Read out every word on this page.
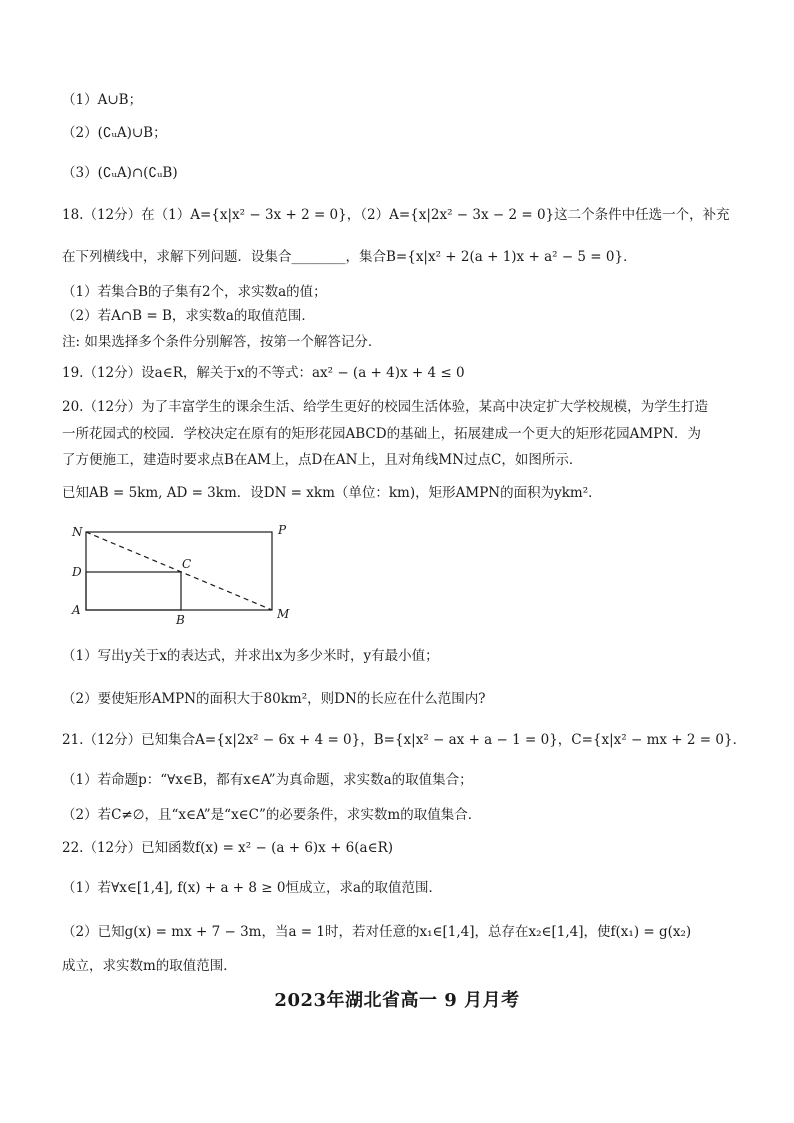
（1）A∪B；
（2）(∁ᵤA)∪B；
（3）(∁ᵤA)∩(∁ᵤB)
18.（12分）在（1）A={x|x² − 3x + 2 = 0}，（2）A={x|2x² − 3x − 2 = 0}这二个条件中任选一个，补充
在下列横线中，求解下列问题．设集合________，集合B={x|x² + 2(a + 1)x + a² − 5 = 0}．
（1）若集合B的子集有2个，求实数a的值；
（2）若A∩B = B，求实数a的取值范围．
注: 如果选择多个条件分别解答，按第一个解答记分．
19.（12分）设a∈R，解关于x的不等式：ax² − (a + 4)x + 4 ≤ 0
20.（12分）为了丰富学生的课余生活、给学生更好的校园生活体验，某高中决定扩大学校规模，为学生打造
一所花园式的校园．学校决定在原有的矩形花园ABCD的基础上，拓展建成一个更大的矩形花园AMPN．为
了方便施工，建造时要求点B在AM上，点D在AN上，且对角线MN过点C，如图所示．
已知AB = 5km, AD = 3km．设DN = xkm（单位：km)，矩形AMPN的面积为ykm²．
N	P
D
C
A
B	M
（1）写出y关于x的表达式，并求出x为多少米时，y有最小值；
（2）要使矩形AMPN的面积大于80km²，则DN的长应在什么范围内?
21.（12分）已知集合A={x|2x² − 6x + 4 = 0}，B={x|x² − ax + a − 1 = 0}，C={x|x² − mx + 2 = 0}．
（1）若命题p：“∀x∈B，都有x∈A”为真命题，求实数a的取值集合；
（2）若C≠∅，且“x∈A”是“x∈C”的必要条件，求实数m的取值集合．
22.（12分）已知函数f(x) = x² − (a + 6)x + 6(a∈R)
（1）若∀x∈[1,4], f(x) + a + 8 ≥ 0恒成立，求a的取值范围．
（2）已知g(x) = mx + 7 − 3m，当a = 1时，若对任意的x₁∈[1,4]，总存在x₂∈[1,4]，使f(x₁) = g(x₂)
成立，求实数m的取值范围．
2023年湖北省高一 9 月月考
